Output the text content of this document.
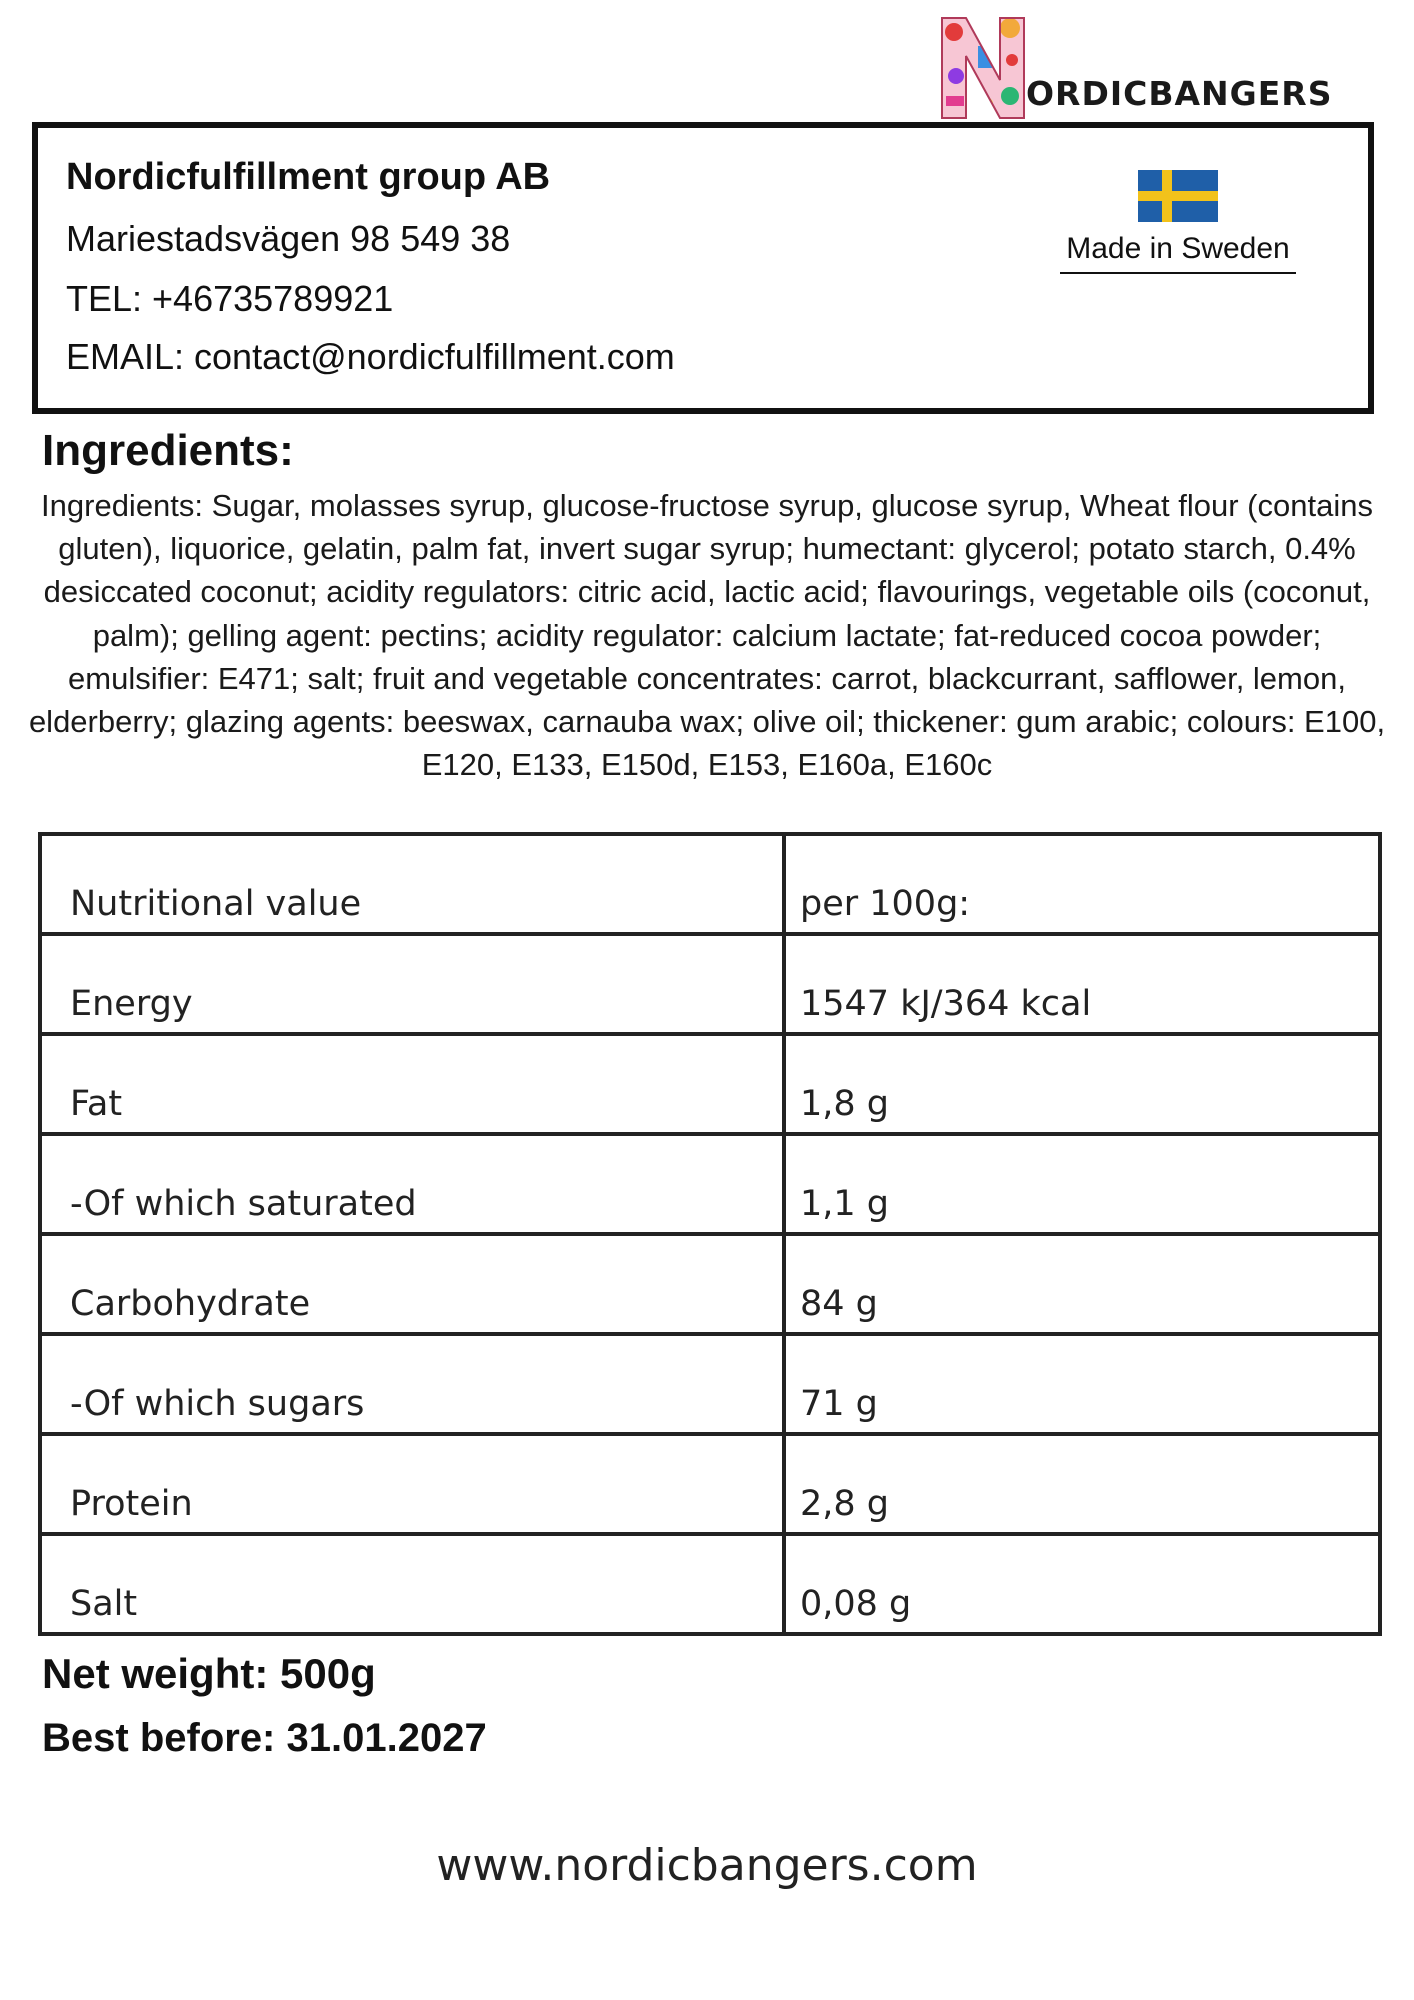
Nordicfulfillment group AB
Mariestadsvägen 98 549 38
TEL: +46735789921
EMAIL: contact@nordicfulfillment.com
ORDICBANGERS
Made in Sweden
Ingredients:
Ingredients: Sugar, molasses syrup, glucose-fructose syrup, glucose syrup, Wheat flour (contains gluten), liquorice, gelatin, palm fat, invert sugar syrup; humectant: glycerol; potato starch, 0.4% desiccated coconut; acidity regulators: citric acid, lactic acid; flavourings, vegetable oils (coconut, palm); gelling agent: pectins; acidity regulator: calcium lactate; fat-reduced cocoa powder; emulsifier: E471; salt; fruit and vegetable concentrates: carrot, blackcurrant, safflower, lemon, elderberry; glazing agents: beeswax, carnauba wax; olive oil; thickener: gum arabic; colours: E100, E120, E133, E150d, E153, E160a, E160c
Nutritional value	per 100g:
Energy	1547 kJ/364 kcal
Fat	1,8 g
-Of which saturated	1,1 g
Carbohydrate	84 g
-Of which sugars	71 g
Protein	2,8 g
Salt	0,08 g
Net weight: 500g
Best before: 31.01.2027
www.nordicbangers.com
